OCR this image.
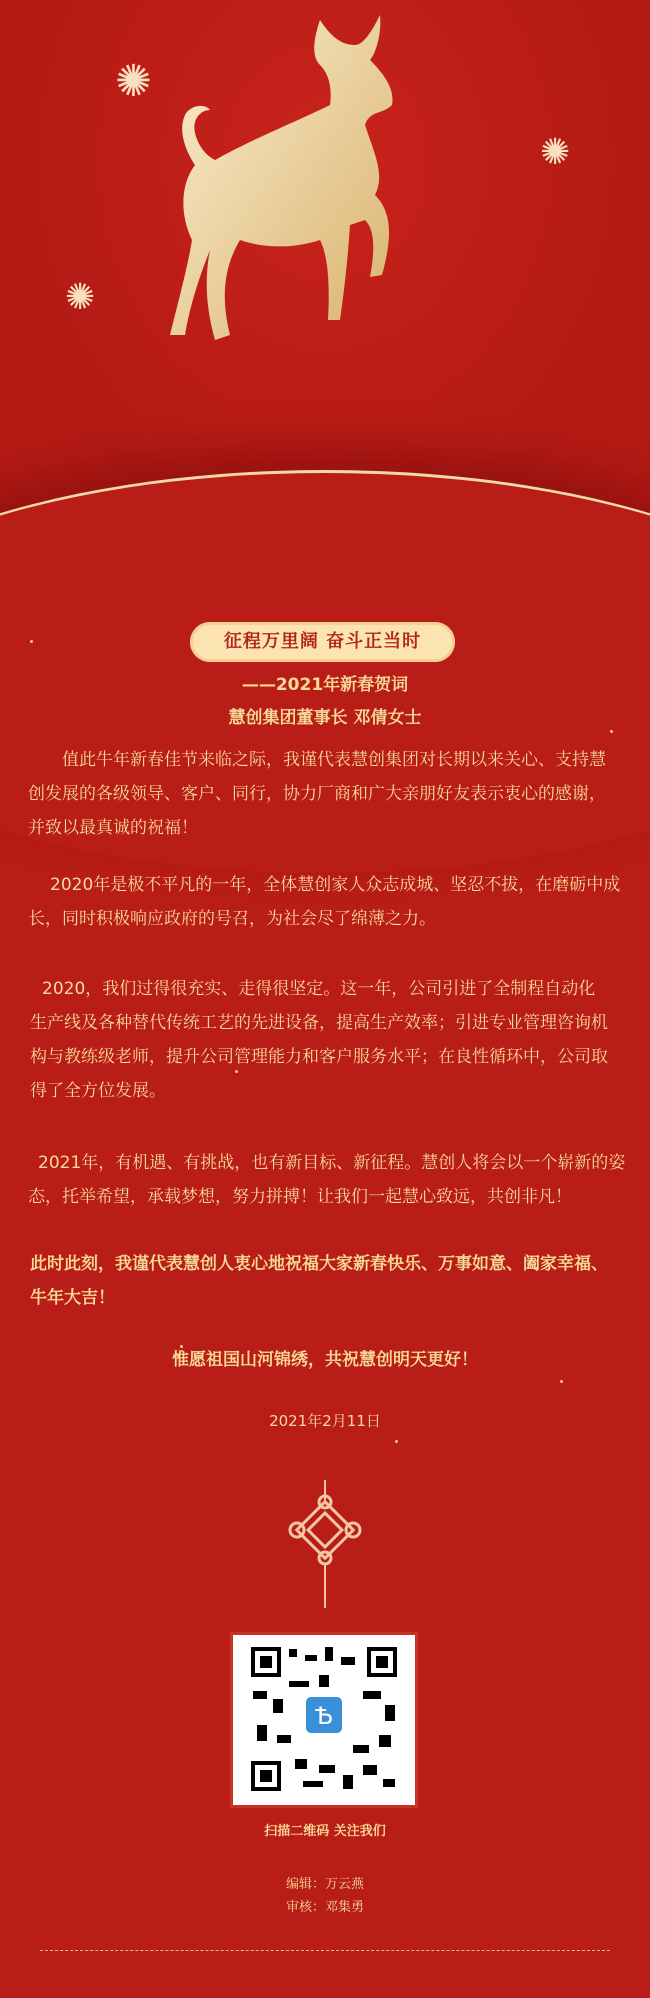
✺
✺
✺
征程万里阔 奋斗正当时
——2021年新春贺词
慧创集团董事长 邓倩女士
值此牛年新春佳节来临之际，我谨代表慧创集团对长期以来关心、支持慧创发展的各级领导、客户、同行，协力厂商和广大亲朋好友表示衷心的感谢，并致以最真诚的祝福！
2020年是极不平凡的一年，全体慧创家人众志成城、坚忍不拔，在磨砺中成长，同时积极响应政府的号召，为社会尽了绵薄之力。
2020，我们过得很充实、走得很坚定。这一年，公司引进了全制程自动化生产线及各种替代传统工艺的先进设备，提高生产效率；引进专业管理咨询机构与教练级老师，提升公司管理能力和客户服务水平；在良性循环中，公司取得了全方位发展。
2021年，有机遇、有挑战，也有新目标、新征程。慧创人将会以一个崭新的姿态，托举希望，承载梦想，努力拼搏！让我们一起慧心致远，共创非凡！
此时此刻，我谨代表慧创人衷心地祝福大家新春快乐、万事如意、阖家幸福、牛年大吉！
惟愿祖国山河锦绣，共祝慧创明天更好！
2021年2月11日
Ѣ
扫描二维码 关注我们
编辑：万云燕
审核：邓集勇
